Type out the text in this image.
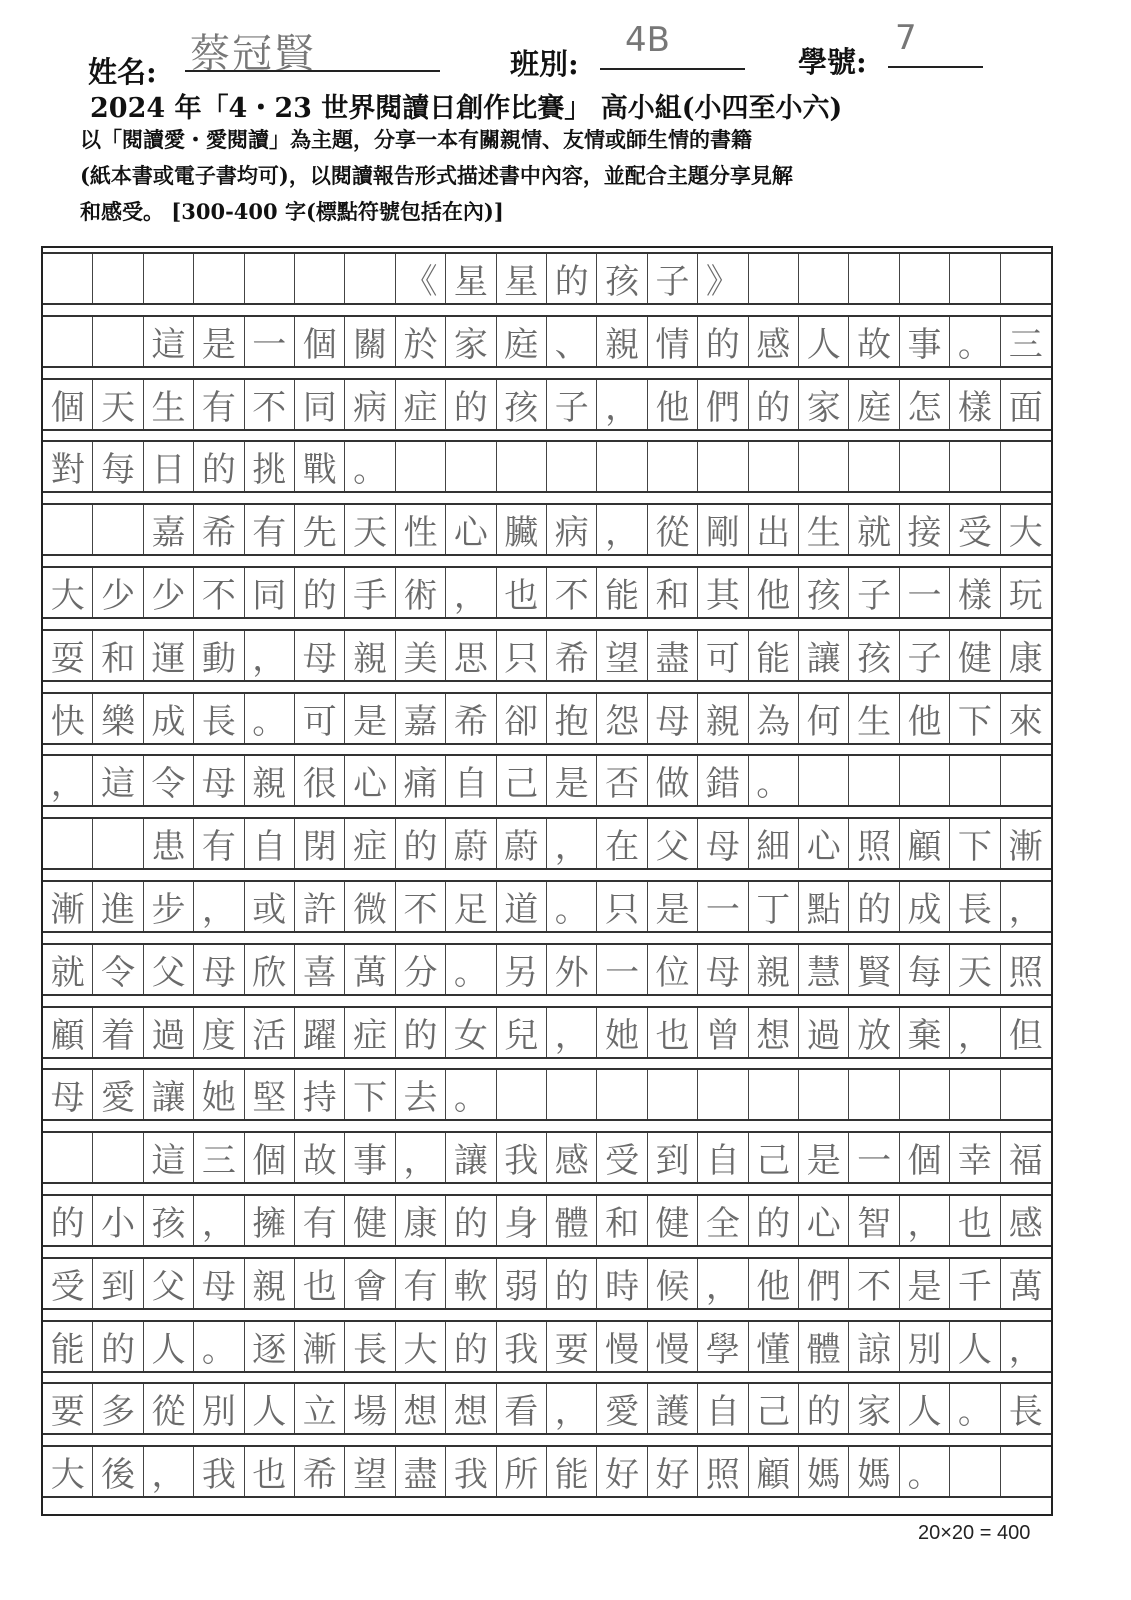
姓名: 蔡冠賢	班別:
4B
學號:
7
2024 年「4・23 世界閱讀日創作比賽」 高小組(小四至小六)
以「閱讀愛・愛閱讀」為主題，分享一本有關親情、友情或師生情的書籍
(紙本書或電子書均可)，以閱讀報告形式描述書中內容，並配合主題分享見解
和感受。 [300-400 字(標點符號包括在內)]
《 星 星 的 孩 子 》
這 是 一 個 關 於 家 庭 、 親 情 的 感 人 故 事 。 三
個 天 生 有 不 同 病 症 的 孩 子 ， 他 們 的 家 庭 怎 樣 面
對 每 日 的 挑 戰 。
嘉 希 有 先 天 性 心 臟 病 ， 從 剛 出 生 就 接 受 大
大 少 少 不 同 的 手 術 ， 也 不 能 和 其 他 孩 子 一 樣 玩
耍 和 運 動 ， 母 親 美 思 只 希 望 盡 可 能 讓 孩 子 健 康
快 樂 成 長 。 可 是 嘉 希 卻 抱 怨 母 親 為 何 生 他 下 來
， 這 令 母 親 很 心 痛 自 己 是 否 做 錯 。
患 有 自 閉 症 的 蔚 蔚 ， 在 父 母 細 心 照 顧 下 漸
漸 進 步 ， 或 許 微 不 足 道 。 只 是 一 丁 點 的 成 長 ，
就 令 父 母 欣 喜 萬 分 。 另 外 一 位 母 親 慧 賢 每 天 照
顧 着 過 度 活 躍 症 的 女 兒 ， 她 也 曾 想 過 放 棄 ， 但
母 愛 讓 她 堅 持 下 去 。
這 三 個 故 事 ， 讓 我 感 受 到 自 己 是 一 個 幸 福
的 小 孩 ， 擁 有 健 康 的 身 體 和 健 全 的 心 智 ， 也 感
受 到 父 母 親 也 會 有 軟 弱 的 時 候 ， 他 們 不 是 千 萬
能 的 人 。 逐 漸 長 大 的 我 要 慢 慢 學 懂 體 諒 別 人 ，
要 多 從 別 人 立 場 想 想 看 ， 愛 護 自 己 的 家 人 。 長
大 後 ， 我 也 希 望 盡 我 所 能 好 好 照 顧 媽 媽 。
20×20 = 400
